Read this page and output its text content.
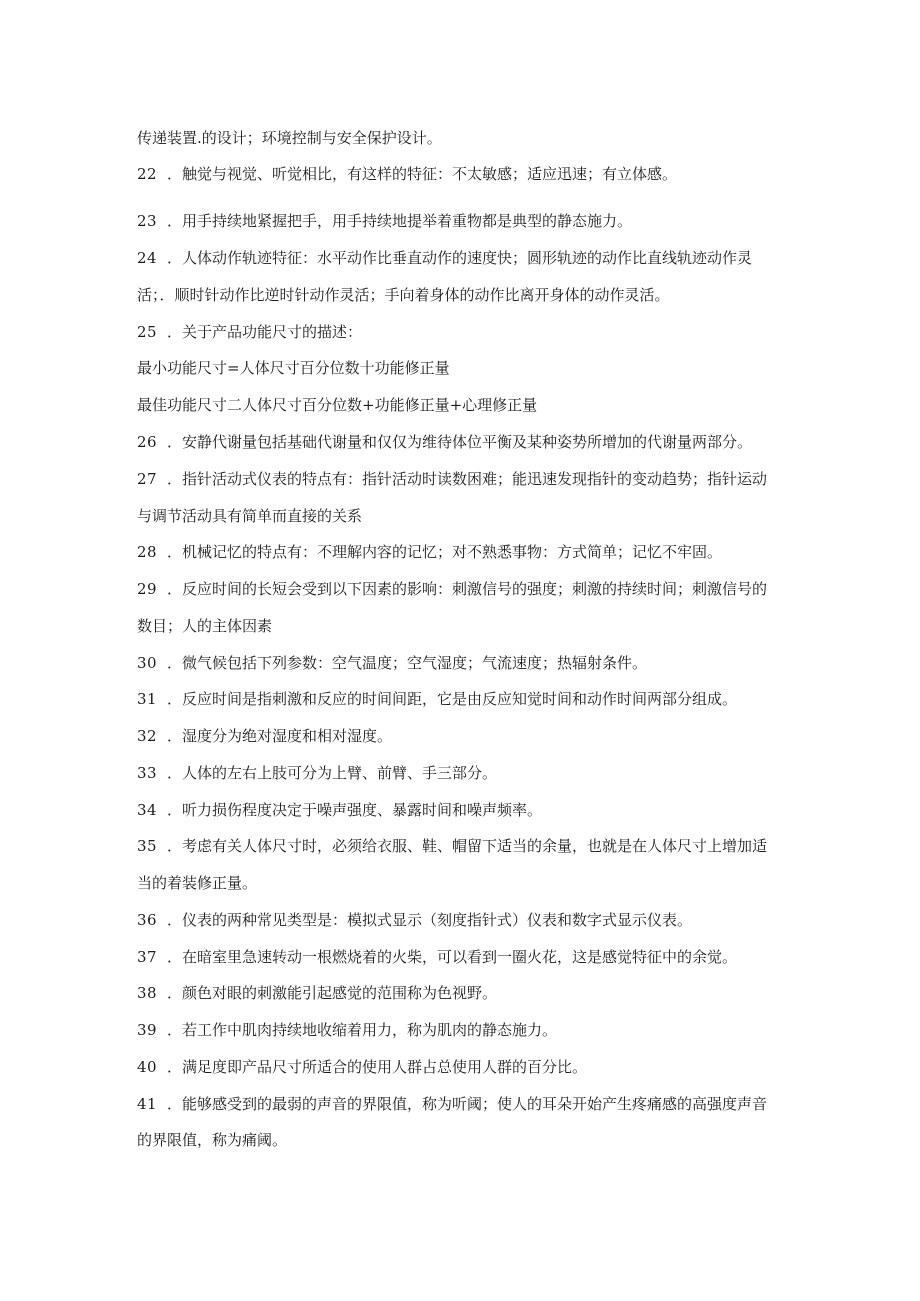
传递装置.的设计；环境控制与安全保护设计。
22 ．触觉与视觉、听觉相比，有这样的特征：不太敏感；适应迅速；有立体感。
23 ．用手持续地紧握把手，用手持续地提举着重物都是典型的静态施力。
24 ．人体动作轨迹特征：水平动作比垂直动作的速度快；圆形轨迹的动作比直线轨迹动作灵
活；．顺时针动作比逆时针动作灵活；手向着身体的动作比离开身体的动作灵活。
25 ．关于产品功能尺寸的描述：
最小功能尺寸=人体尺寸百分位数十功能修正量
最佳功能尺寸二人体尺寸百分位数+功能修正量+心理修正量
26 ．安静代谢量包括基础代谢量和仅仅为维待体位平衡及某种姿势所增加的代谢量两部分。
27 ．指针活动式仪表的特点有：指针活动时读数困难；能迅速发现指针的变动趋势；指针运动
与调节活动具有简单而直接的关系
28 ．机械记忆的特点有：不理解内容的记忆；对不熟悉事物：方式简单；记忆不牢固。
29 ．反应时间的长短会受到以下因素的影响：刺激信号的强度；刺激的持续时间；刺激信号的
数目；人的主体因素
30 ．微气候包括下列参数：空气温度；空气湿度；气流速度；热辐射条件。
31 ．反应时间是指刺激和反应的时间间距，它是由反应知觉时间和动作时间两部分组成。
32 ．湿度分为绝对湿度和相对湿度。
33 ．人体的左右上肢可分为上臂、前臂、手三部分。
34 ．听力损伤程度决定于噪声强度、暴露时间和噪声频率。
35 ．考虑有关人体尺寸时，必须给衣服、鞋、帽留下适当的余量，也就是在人体尺寸上增加适
当的着装修正量。
36 ．仪表的两种常见类型是：模拟式显示（刻度指针式）仪表和数字式显示仪表。
37 ．在暗室里急速转动一根燃烧着的火柴，可以看到一圈火花，这是感觉特征中的余觉。
38 ．颜色对眼的刺激能引起感觉的范围称为色视野。
39 ．若工作中肌肉持续地收缩着用力，称为肌肉的静态施力。
40 ．满足度即产品尺寸所适合的使用人群占总使用人群的百分比。
41 ．能够感受到的最弱的声音的界限值，称为听阈；使人的耳朵开始产生疼痛感的高强度声音
的界限值，称为痛阈。
